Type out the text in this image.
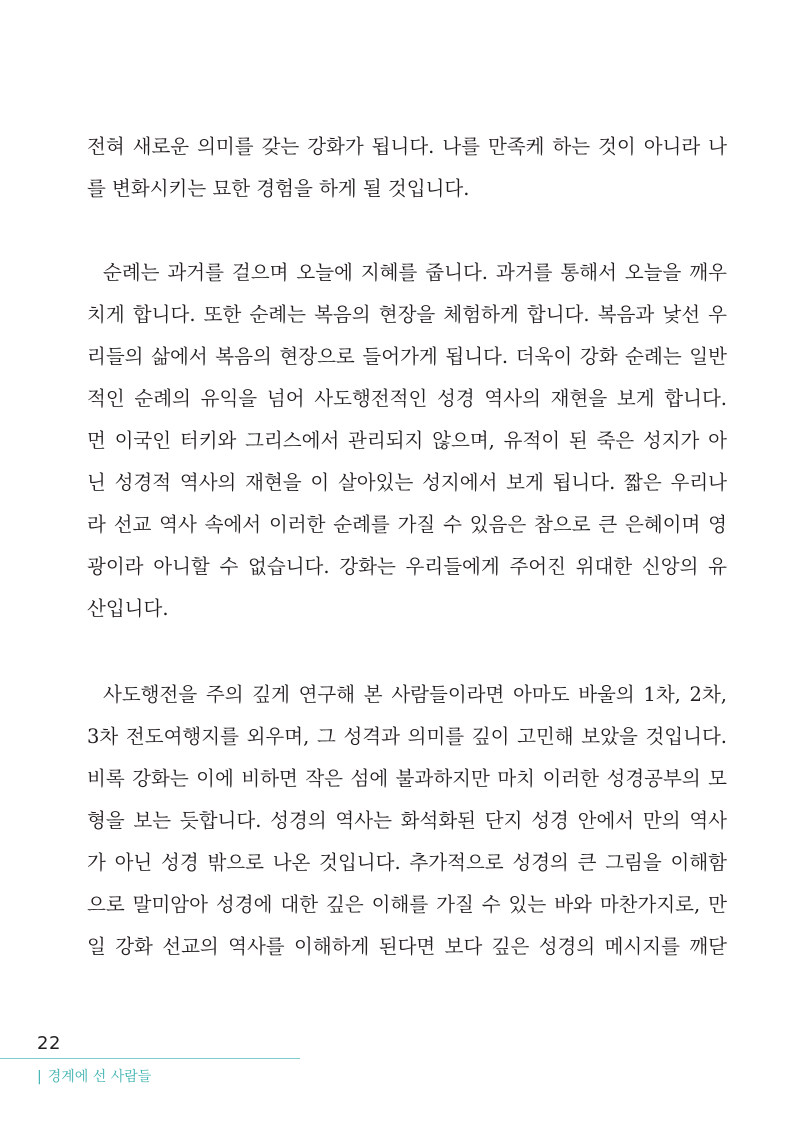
전혀 새로운 의미를 갖는 강화가 됩니다. 나를 만족케 하는 것이 아니라 나
를 변화시키는 묘한 경험을 하게 될 것입니다.
순례는 과거를 걸으며 오늘에 지혜를 줍니다. 과거를 통해서 오늘을 깨우
치게 합니다. 또한 순례는 복음의 현장을 체험하게 합니다. 복음과 낯선 우
리들의 삶에서 복음의 현장으로 들어가게 됩니다. 더욱이 강화 순례는 일반
적인 순례의 유익을 넘어 사도행전적인 성경 역사의 재현을 보게 합니다.
먼 이국인 터키와 그리스에서 관리되지 않으며, 유적이 된 죽은 성지가 아
닌 성경적 역사의 재현을 이 살아있는 성지에서 보게 됩니다. 짧은 우리나
라 선교 역사 속에서 이러한 순례를 가질 수 있음은 참으로 큰 은혜이며 영
광이라 아니할 수 없습니다. 강화는 우리들에게 주어진 위대한 신앙의 유
산입니다.
사도행전을 주의 깊게 연구해 본 사람들이라면 아마도 바울의 1차, 2차,
3차 전도여행지를 외우며, 그 성격과 의미를 깊이 고민해 보았을 것입니다.
비록 강화는 이에 비하면 작은 섬에 불과하지만 마치 이러한 성경공부의 모
형을 보는 듯합니다. 성경의 역사는 화석화된 단지 성경 안에서 만의 역사
가 아닌 성경 밖으로 나온 것입니다. 추가적으로 성경의 큰 그림을 이해함
으로 말미암아 성경에 대한 깊은 이해를 가질 수 있는 바와 마찬가지로, 만
일 강화 선교의 역사를 이해하게 된다면 보다 깊은 성경의 메시지를 깨닫
22
| 경계에 선 사람들
